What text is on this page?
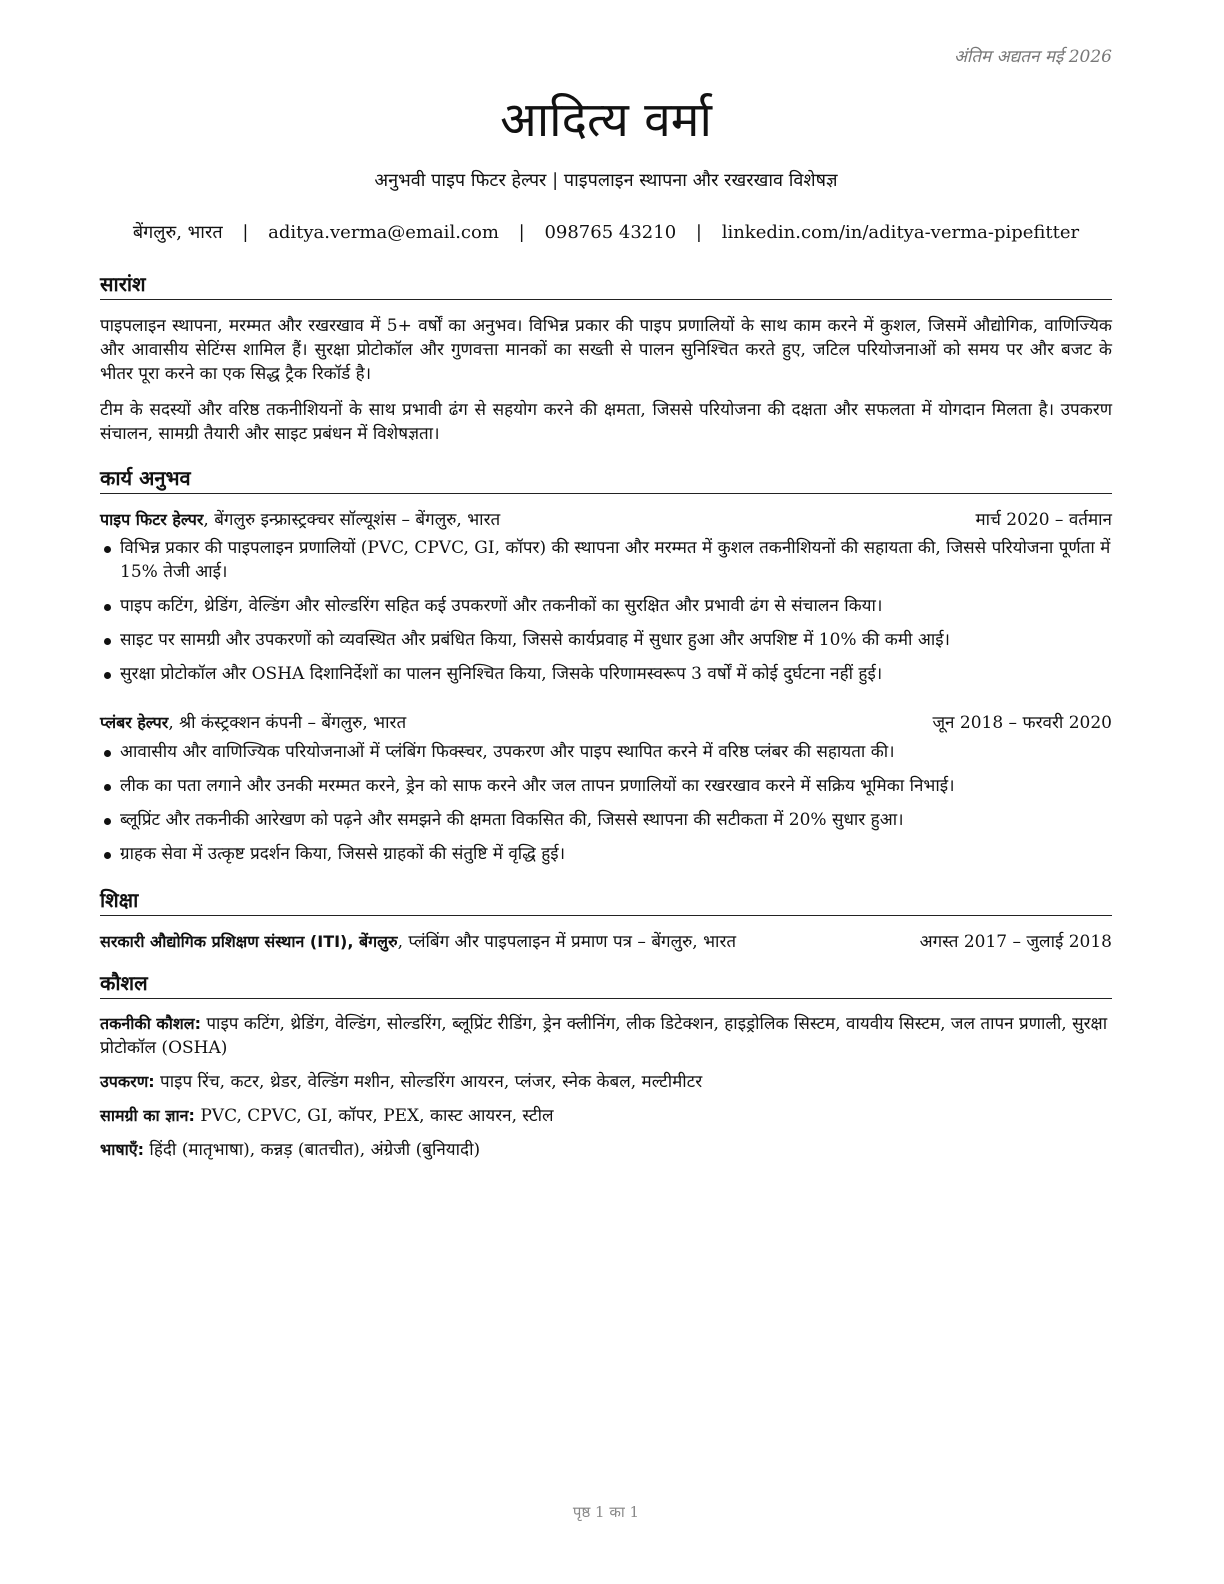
अंतिम अद्यतन मई 2026
आदित्य वर्मा
अनुभवी पाइप फिटर हेल्पर | पाइपलाइन स्थापना और रखरखाव विशेषज्ञ
बेंगलुरु, भारत | aditya.verma@email.com | 098765 43210 | linkedin.com/in/aditya-verma-pipefitter
सारांश

पाइपलाइन स्थापना, मरम्मत और रखरखाव में 5+ वर्षों का अनुभव। विभिन्न प्रकार की पाइप प्रणालियों के साथ काम करने में कुशल, जिसमें औद्योगिक, वाणिज्यिक और आवासीय सेटिंग्स शामिल हैं। सुरक्षा प्रोटोकॉल और गुणवत्ता मानकों का सख्ती से पालन सुनिश्चित करते हुए, जटिल परियोजनाओं को समय पर और बजट के भीतर पूरा करने का एक सिद्ध ट्रैक रिकॉर्ड है।

टीम के सदस्यों और वरिष्ठ तकनीशियनों के साथ प्रभावी ढंग से सहयोग करने की क्षमता, जिससे परियोजना की दक्षता और सफलता में योगदान मिलता है। उपकरण संचालन, सामग्री तैयारी और साइट प्रबंधन में विशेषज्ञता।

कार्य अनुभव
पाइप फिटर हेल्पर, बेंगलुरु इन्फ्रास्ट्रक्चर सॉल्यूशंस – बेंगलुरु, भारत	मार्च 2020 – वर्तमान
विभिन्न प्रकार की पाइपलाइन प्रणालियों (PVC, CPVC, GI, कॉपर) की स्थापना और मरम्मत में कुशल तकनीशियनों की सहायता की, जिससे परियोजना पूर्णता में 15% तेजी आई।
पाइप कटिंग, थ्रेडिंग, वेल्डिंग और सोल्डरिंग सहित कई उपकरणों और तकनीकों का सुरक्षित और प्रभावी ढंग से संचालन किया।
साइट पर सामग्री और उपकरणों को व्यवस्थित और प्रबंधित किया, जिससे कार्यप्रवाह में सुधार हुआ और अपशिष्ट में 10% की कमी आई।
सुरक्षा प्रोटोकॉल और OSHA दिशानिर्देशों का पालन सुनिश्चित किया, जिसके परिणामस्वरूप 3 वर्षों में कोई दुर्घटना नहीं हुई।
प्लंबर हेल्पर, श्री कंस्ट्रक्शन कंपनी – बेंगलुरु, भारत	जून 2018 – फरवरी 2020
आवासीय और वाणिज्यिक परियोजनाओं में प्लंबिंग फिक्स्चर, उपकरण और पाइप स्थापित करने में वरिष्ठ प्लंबर की सहायता की।
लीक का पता लगाने और उनकी मरम्मत करने, ड्रेन को साफ करने और जल तापन प्रणालियों का रखरखाव करने में सक्रिय भूमिका निभाई।
ब्लूप्रिंट और तकनीकी आरेखण को पढ़ने और समझने की क्षमता विकसित की, जिससे स्थापना की सटीकता में 20% सुधार हुआ।
ग्राहक सेवा में उत्कृष्ट प्रदर्शन किया, जिससे ग्राहकों की संतुष्टि में वृद्धि हुई।
शिक्षा
सरकारी औद्योगिक प्रशिक्षण संस्थान (ITI), बेंगलुरु, प्लंबिंग और पाइपलाइन में प्रमाण पत्र – बेंगलुरु, भारत	अगस्त 2017 – जुलाई 2018
कौशल
तकनीकी कौशल: पाइप कटिंग, थ्रेडिंग, वेल्डिंग, सोल्डरिंग, ब्लूप्रिंट रीडिंग, ड्रेन क्लीनिंग, लीक डिटेक्शन, हाइड्रोलिक सिस्टम, वायवीय सिस्टम, जल तापन प्रणाली, सुरक्षा प्रोटोकॉल (OSHA)
उपकरण: पाइप रिंच, कटर, थ्रेडर, वेल्डिंग मशीन, सोल्डरिंग आयरन, प्लंजर, स्नेक केबल, मल्टीमीटर
सामग्री का ज्ञान: PVC, CPVC, GI, कॉपर, PEX, कास्ट आयरन, स्टील
भाषाएँ: हिंदी (मातृभाषा), कन्नड़ (बातचीत), अंग्रेजी (बुनियादी)
पृष्ठ 1 का 1
